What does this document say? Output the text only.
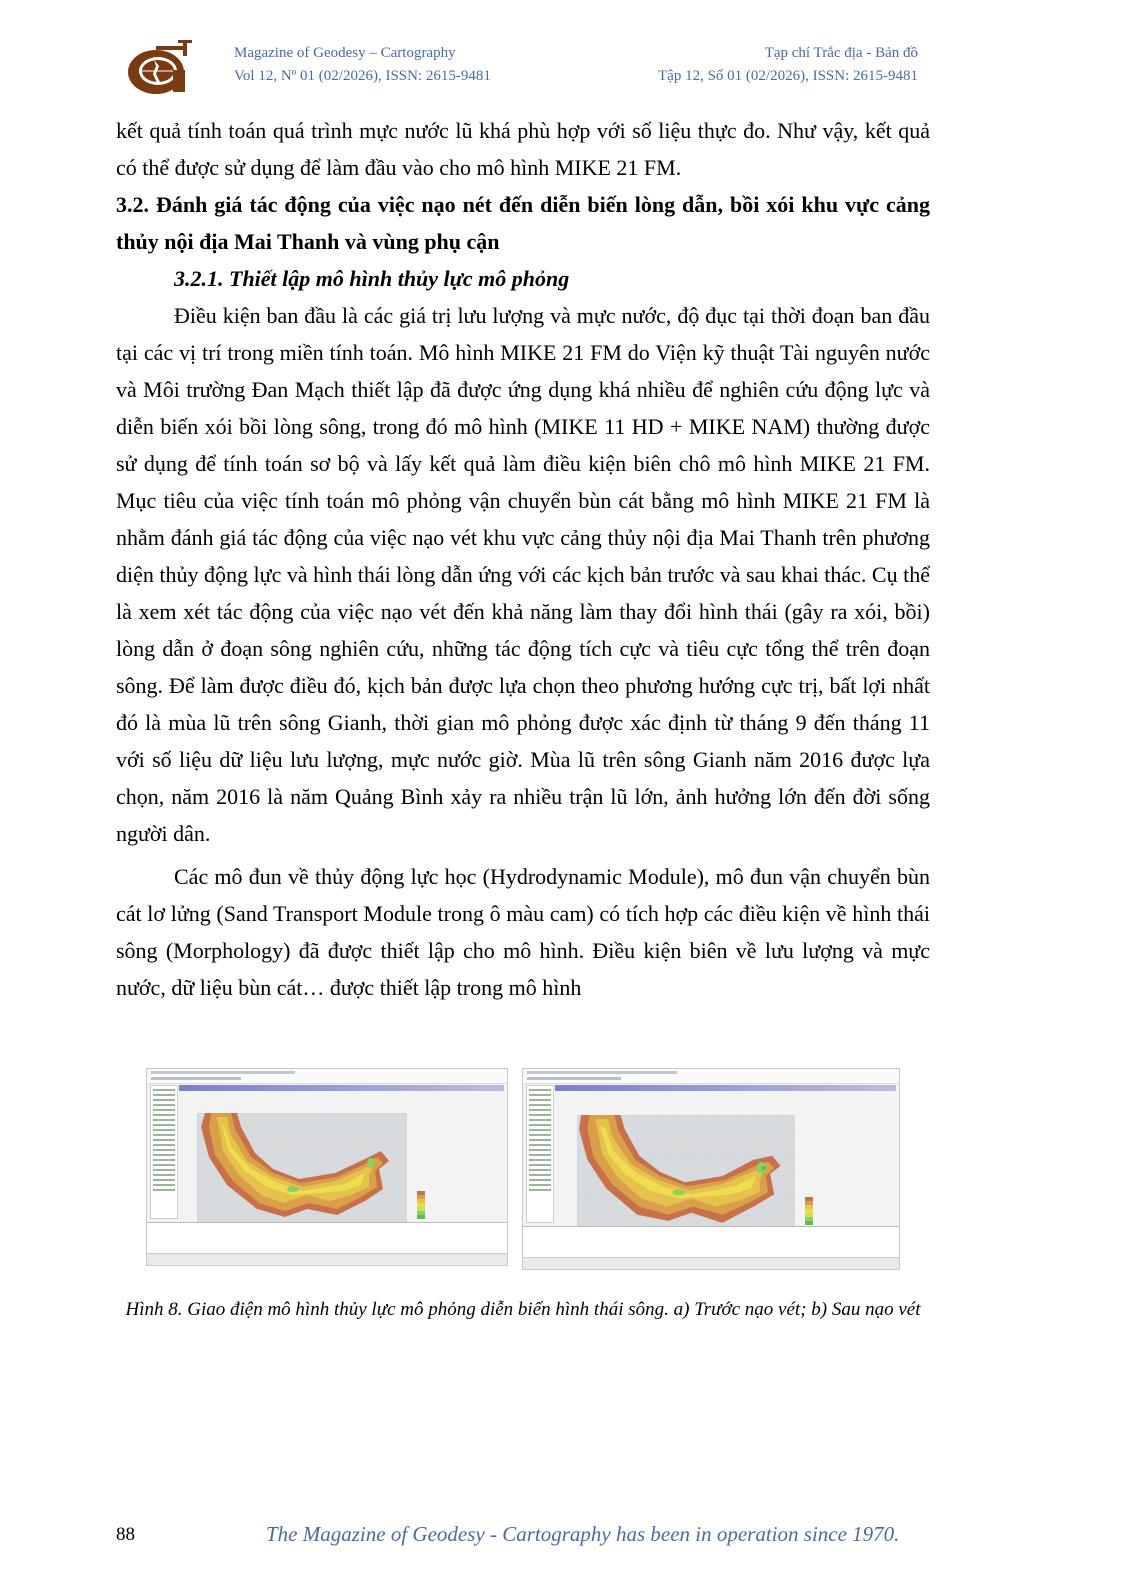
Magazine of Geodesy – Cartography
Vol 12, Nº 01 (02/2026), ISSN: 2615-9481
Tạp chí Trắc địa - Bản đồ
Tập 12, Số 01 (02/2026), ISSN: 2615-9481

kết quả tính toán quá trình mực nước lũ khá phù hợp với số liệu thực đo. Như vậy, kết quả có thể được sử dụng để làm đầu vào cho mô hình MIKE 21 FM.

3.2. Đánh giá tác động của việc nạo nét đến diễn biến lòng dẫn, bồi xói khu vực cảng thủy nội địa Mai Thanh và vùng phụ cận

3.2.1. Thiết lập mô hình thủy lực mô phỏng

Điều kiện ban đầu là các giá trị lưu lượng và mực nước, độ đục tại thời đoạn ban đầu tại các vị trí trong miền tính toán. Mô hình MIKE 21 FM do Viện kỹ thuật Tài nguyên nước và Môi trường Đan Mạch thiết lập đã được ứng dụng khá nhiều để nghiên cứu động lực và diễn biến xói bồi lòng sông, trong đó mô hình (MIKE 11 HD + MIKE NAM) thường được sử dụng để tính toán sơ bộ và lấy kết quả làm điều kiện biên chô mô hình MIKE 21 FM. Mục tiêu của việc tính toán mô phỏng vận chuyển bùn cát bằng mô hình MIKE 21 FM là nhằm đánh giá tác động của việc nạo vét khu vực cảng thủy nội địa Mai Thanh trên phương diện thủy động lực và hình thái lòng dẫn ứng với các kịch bản trước và sau khai thác. Cụ thể là xem xét tác động của việc nạo vét đến khả năng làm thay đổi hình thái (gây ra xói, bồi) lòng dẫn ở đoạn sông nghiên cứu, những tác động tích cực và tiêu cực tổng thể trên đoạn sông. Để làm được điều đó, kịch bản được lựa chọn theo phương hướng cực trị, bất lợi nhất đó là mùa lũ trên sông Gianh, thời gian mô phỏng được xác định từ tháng 9 đến tháng 11 với số liệu dữ liệu lưu lượng, mực nước giờ. Mùa lũ trên sông Gianh năm 2016 được lựa chọn, năm 2016 là năm Quảng Bình xảy ra nhiều trận lũ lớn, ảnh hưởng lớn đến đời sống người dân.

Các mô đun về thủy động lực học (Hydrodynamic Module), mô đun vận chuyển bùn cát lơ lửng (Sand Transport Module trong ô màu cam) có tích hợp các điều kiện về hình thái sông (Morphology) đã được thiết lập cho mô hình. Điều kiện biên về lưu lượng và mực nước, dữ liệu bùn cát… được thiết lập trong mô hình

Hình 8. Giao điện mô hình thủy lực mô phỏng diễn biến hình thái sông. a) Trước nạo vét; b) Sau nạo vét
88	The Magazine of Geodesy - Cartography has been in operation since 1970.
